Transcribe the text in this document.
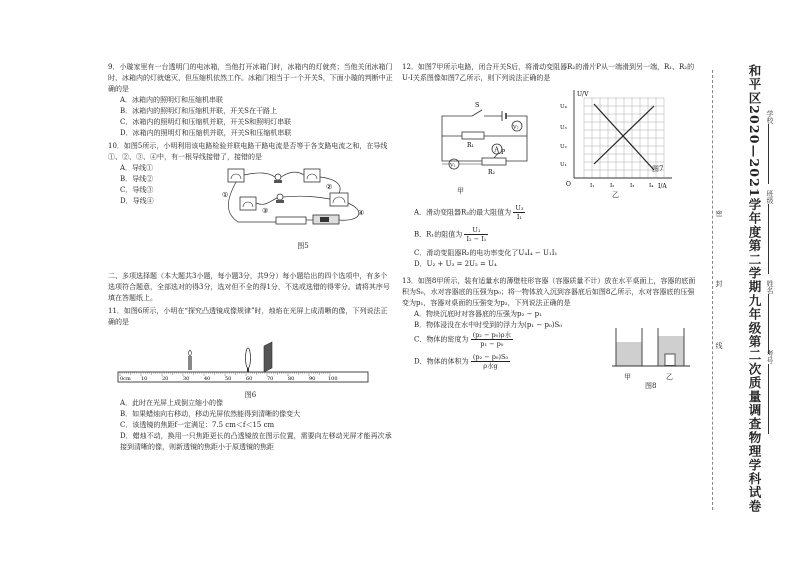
9．小璇家里有一台透明门的电冰箱，当他打开冰箱门时，冰箱内的灯就亮；当他关闭冰箱门时，冰箱内的灯就熄灭，但压缩机依然工作。冰箱门相当于一个开关S，下面小璇的判断中正确的是
A．冰箱内的照明灯和压缩机串联
B．冰箱内的照明灯和压缩机并联，开关S在干路上
C．冰箱内的照明灯和压缩机并联，开关S和照明灯串联
D．冰箱内的照明灯和压缩机并联，开关S和压缩机串联
10．如图5所示，小明利用该电路检验并联电路干路电流是否等于各支路电流之和，在导线①、②、③、④中，有一根导线接错了，接错的是
A．导线①
B．导线②
C．导线③
D．导线④
①
②
③	④
图5
二、多项选择题（本大题共3小题，每小题3分，共9分）每小题给出的四个选项中，有多个选项符合题意，全部选对的得3分，选对但不全的得1分，不选或选错的得零分。请将其序号填在答题纸上。
11．如图6所示，小明在“探究凸透镜成像规律”时，烛焰在光屏上成清晰的像，下列说法正确的是
0cm 10	20	30	40	50	60	70	80	90	100
图6
A．此时在光屏上成倒立缩小的像
B．如果蜡烛向右移动，移动光屏依然能得到清晰的像变大
C．该透镜的焦距f一定满足：7.5 cm＜f＜15 cm
D．蜡烛不动，换用一只焦距更长的凸透镜放在图示位置，需要向左移动光屏才能再次承接到清晰的像，则新透镜的焦距小于原透镜的焦距
12．如图7甲所示电路，闭合开关S后，将滑动变阻器R₂的滑片P从一端滑到另一端，R₁、R₂的U-I关系图像如图7乙所示，则下列说法正确的是
S
R₁
A
V₁
V₂
P
R₂
甲
U/V
I/A
O
U₁
U₂
U₃
U₄
I₁	I₂	I₃	I₄
乙
图7
A．滑动变阻器R₂的最大阻值为 $\frac{\text{U₃}}{\text{I₁}}$
B．R₁的阻值为 $\frac{\text{U₁}}{\text{I₂ − I₁}}$
C．滑动变阻器R₂的电功率变化了U₄I₄ − U₁I₁
D．U₂ + U₃ = 2U₂ = U₄
13．如图8甲所示，装有适量水的薄壁柱形容器（容器质量不计）放在水平桌面上，容器的底面积为S₀，水对容器底的压强为p₀；将一物体放入沉到容器底后如图8乙所示，水对容器底的压强变为p₁，容器对桌面的压强变为p₂，下列说法正确的是
A．物块沉底时对容器底的压强为p₂ − p₁
B．物体浸没在水中时受到的浮力为(p₁ − p₀)S₀
C．物体的密度为 $\frac{\text{(p₂ − p₀)ρ水}}{\text{p₁ − p₀}}$
D．物体的体积为 $\frac{\text{(p₂ − p₀)S₀}}{\text{ρ水g}}$
甲	乙
图8
密
封
线 和平区2020—2021学年度第二学期九年级第二次质量调查物理学科试卷 学校
班级
姓名
考号
